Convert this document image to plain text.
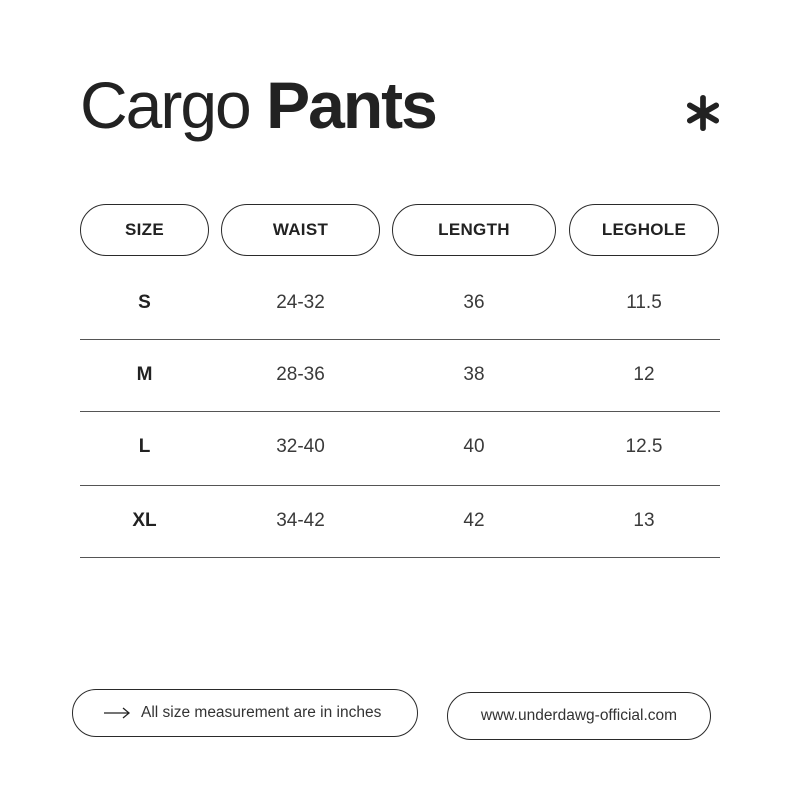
Cargo Pants
SIZE	WAIST	LENGTH	LEGHOLE
S	24-32	36	11.5
M	28-36	38	12
L	32-40	40	12.5
XL	34-42	42	13
All size measurement are in inches	www.underdawg-official.com
